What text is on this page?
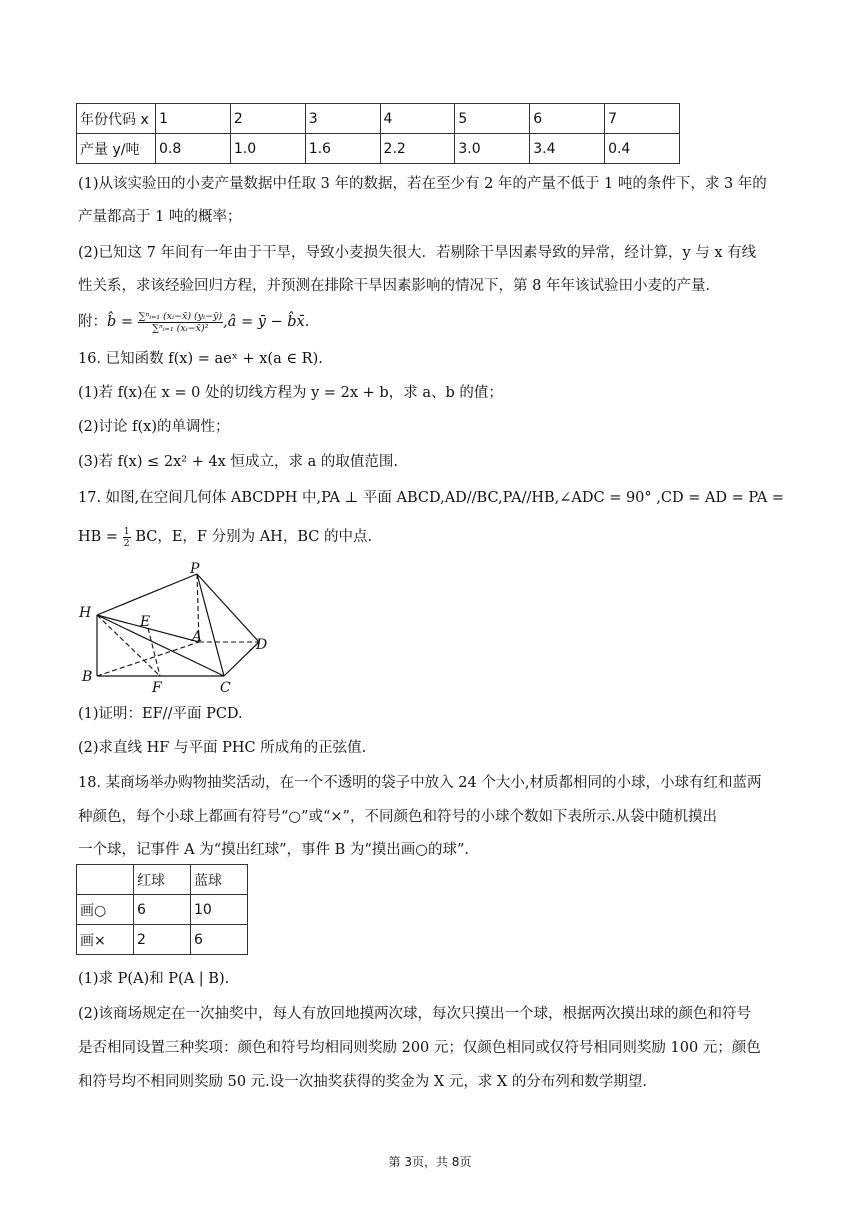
年份代码 x	1	2	3	4	5	6	7
产量 y/吨	0.8	1.0	1.6	2.2	3.0	3.4	0.4
(1)从该实验田的小麦产量数据中任取 3 年的数据，若在至少有 2 年的产量不低于 1 吨的条件下，求 3 年的
产量都高于 1 吨的概率；
(2)已知这 7 年间有一年由于干旱，导致小麦损失很大．若剔除干旱因素导致的异常，经计算，y 与 x 有线
性关系，求该经验回归方程，并预测在排除干旱因素影响的情况下，第 8 年年该试验田小麦的产量．
附：b̂ = $\frac{\text{∑ⁿᵢ₌₁ (xᵢ−x̄) (yᵢ−ȳ)}}{\text{∑ⁿᵢ₌₁ (xᵢ−x̄)²}}$ ,â = ȳ − b̂x̄.
16. 已知函数 f(x) = aeˣ + x(a ∈ R).
(1)若 f(x)在 x = 0 处的切线方程为 y = 2x + b，求 a、b 的值；
(2)讨论 f(x)的单调性；
(3)若 f(x) ≤ 2x² + 4x 恒成立，求 a 的取值范围.
17. 如图,在空间几何体 ABCDPH 中,PA ⊥ 平面 ABCD,AD//BC,PA//HB,∠ADC = 90° ,CD = AD = PA =
HB = $\frac{1}{2}$ BC，E，F 分别为 AH，BC 的中点.
P
H
E
A	D
B
F	C
(1)证明：EF//平面 PCD.
(2)求直线 HF 与平面 PHC 所成角的正弦值.
18. 某商场举办购物抽奖活动，在一个不透明的袋子中放入 24 个大小,材质都相同的小球，小球有红和蓝两
种颜色，每个小球上都画有符号“○”或“×”，不同颜色和符号的小球个数如下表所示.从袋中随机摸出
一个球，记事件 A 为“摸出红球”，事件 B 为“摸出画○的球”.
	红球	蓝球
画○	6	10
画×	2	6
(1)求 P(A)和 P(A | B).
(2)该商场规定在一次抽奖中，每人有放回地摸两次球，每次只摸出一个球，根据两次摸出球的颜色和符号
是否相同设置三种奖项：颜色和符号均相同则奖励 200 元；仅颜色相同或仅符号相同则奖励 100 元；颜色
和符号均不相同则奖励 50 元.设一次抽奖获得的奖金为 X 元，求 X 的分布列和数学期望.
第 3页，共 8页
